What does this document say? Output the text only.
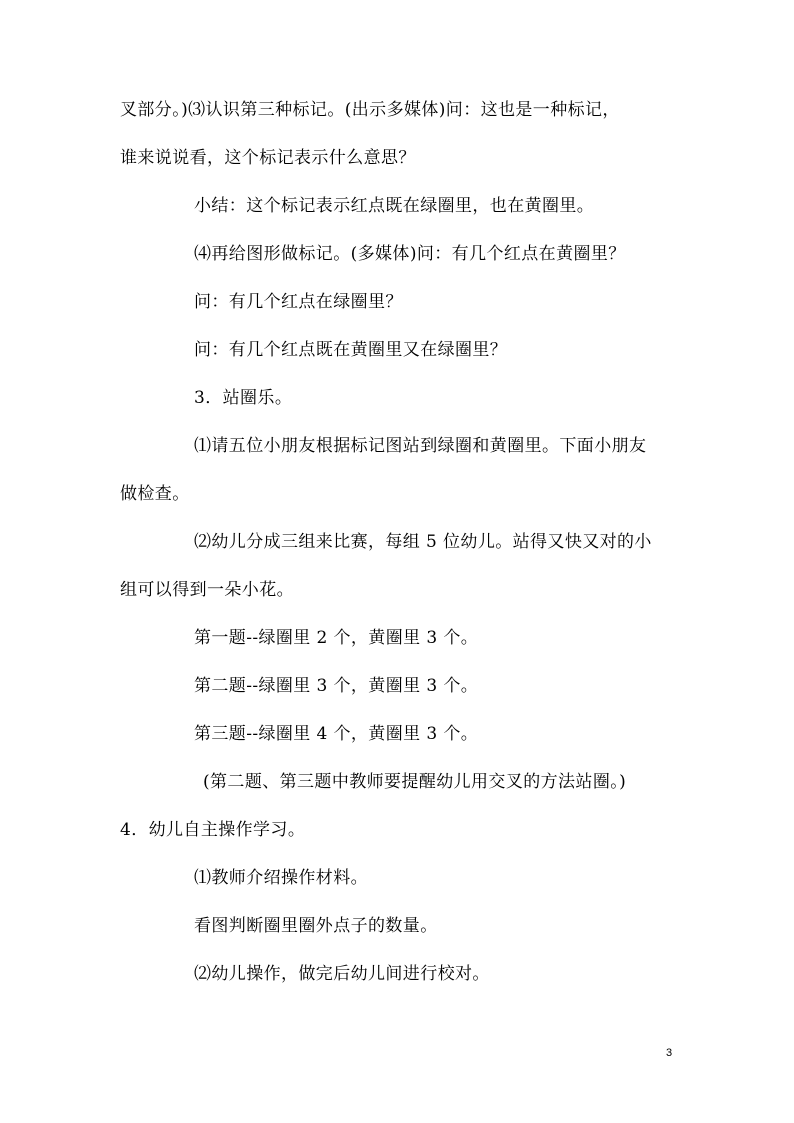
叉部分。)⑶认识第三种标记。(出示多媒体)问：这也是一种标记，
谁来说说看，这个标记表示什么意思？
小结：这个标记表示红点既在绿圈里，也在黄圈里。
⑷再给图形做标记。(多媒体)问：有几个红点在黄圈里？
问：有几个红点在绿圈里？
问：有几个红点既在黄圈里又在绿圈里？
3．站圈乐。
⑴请五位小朋友根据标记图站到绿圈和黄圈里。下面小朋友
做检查。
⑵幼儿分成三组来比赛，每组 5 位幼儿。站得又快又对的小
组可以得到一朵小花。
第一题--绿圈里 2 个，黄圈里 3 个。
第二题--绿圈里 3 个，黄圈里 3 个。
第三题--绿圈里 4 个，黄圈里 3 个。
(第二题、第三题中教师要提醒幼儿用交叉的方法站圈。)
4．幼儿自主操作学习。
⑴教师介绍操作材料。
看图判断圈里圈外点子的数量。
⑵幼儿操作，做完后幼儿间进行校对。
3
